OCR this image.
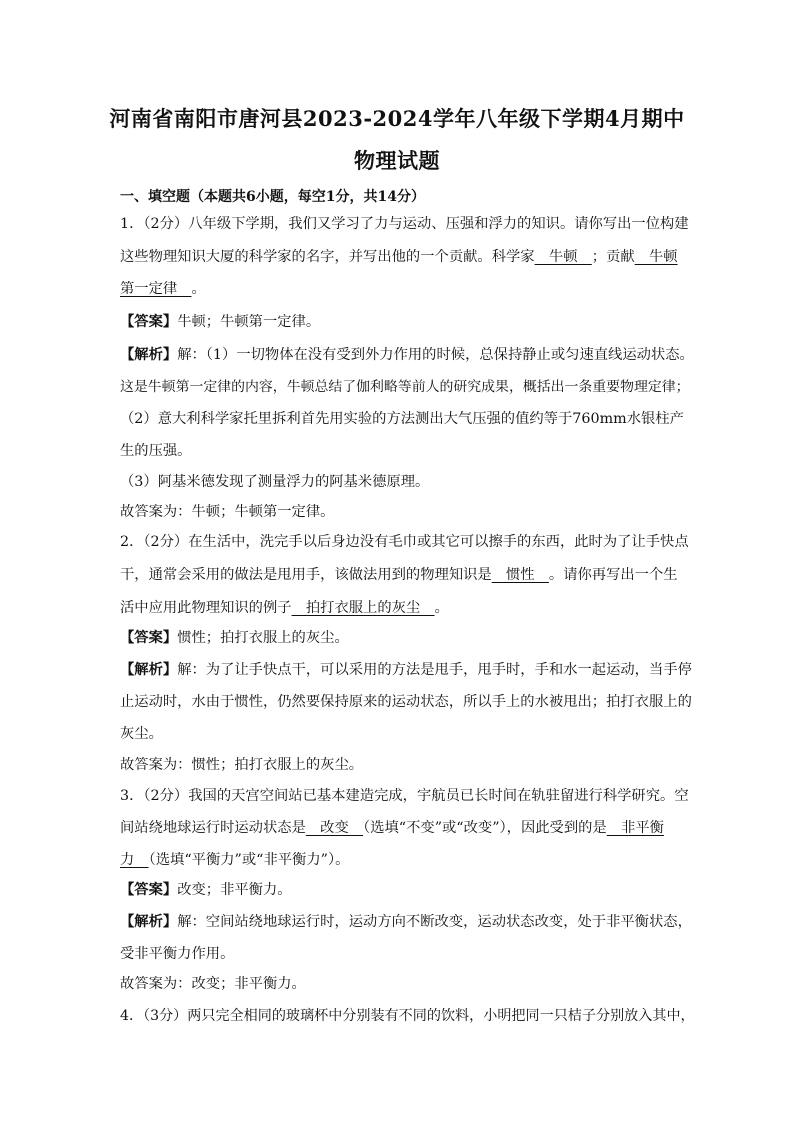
河南省南阳市唐河县2023-2024学年八年级下学期4月期中
物理试题
一、填空题（本题共6小题，每空1分，共14分）
1．（2分）八年级下学期，我们又学习了力与运动、压强和浮力的知识。请你写出一位构建
这些物理知识大厦的科学家的名字，并写出他的一个贡献。科学家　牛顿　；贡献　牛顿
第一定律　。
【答案】牛顿；牛顿第一定律。
【解析】解：（1）一切物体在没有受到外力作用的时候，总保持静止或匀速直线运动状态。
这是牛顿第一定律的内容，牛顿总结了伽利略等前人的研究成果，概括出一条重要物理定律；
（2）意大利科学家托里拆利首先用实验的方法测出大气压强的值约等于760mm水银柱产
生的压强。
（3）阿基米德发现了测量浮力的阿基米德原理。
故答案为：牛顿；牛顿第一定律。
2．（2分）在生活中，洗完手以后身边没有毛巾或其它可以擦手的东西，此时为了让手快点
干，通常会采用的做法是甩用手，该做法用到的物理知识是　惯性　。请你再写出一个生
活中应用此物理知识的例子　拍打衣服上的灰尘　。
【答案】惯性；拍打衣服上的灰尘。
【解析】解：为了让手快点干，可以采用的方法是甩手，甩手时，手和水一起运动，当手停
止运动时，水由于惯性，仍然要保持原来的运动状态，所以手上的水被甩出；拍打衣服上的
灰尘。
故答案为：惯性；拍打衣服上的灰尘。
3．（2分）我国的天宫空间站已基本建造完成，宇航员已长时间在轨驻留进行科学研究。空
间站绕地球运行时运动状态是　改变　（选填“不变”或“改变”），因此受到的是　非平衡
力　（选填“平衡力”或“非平衡力”）。
【答案】改变；非平衡力。
【解析】解：空间站绕地球运行时，运动方向不断改变，运动状态改变，处于非平衡状态，
受非平衡力作用。
故答案为：改变；非平衡力。
4．（3分）两只完全相同的玻璃杯中分别装有不同的饮料，小明把同一只桔子分别放入其中，
